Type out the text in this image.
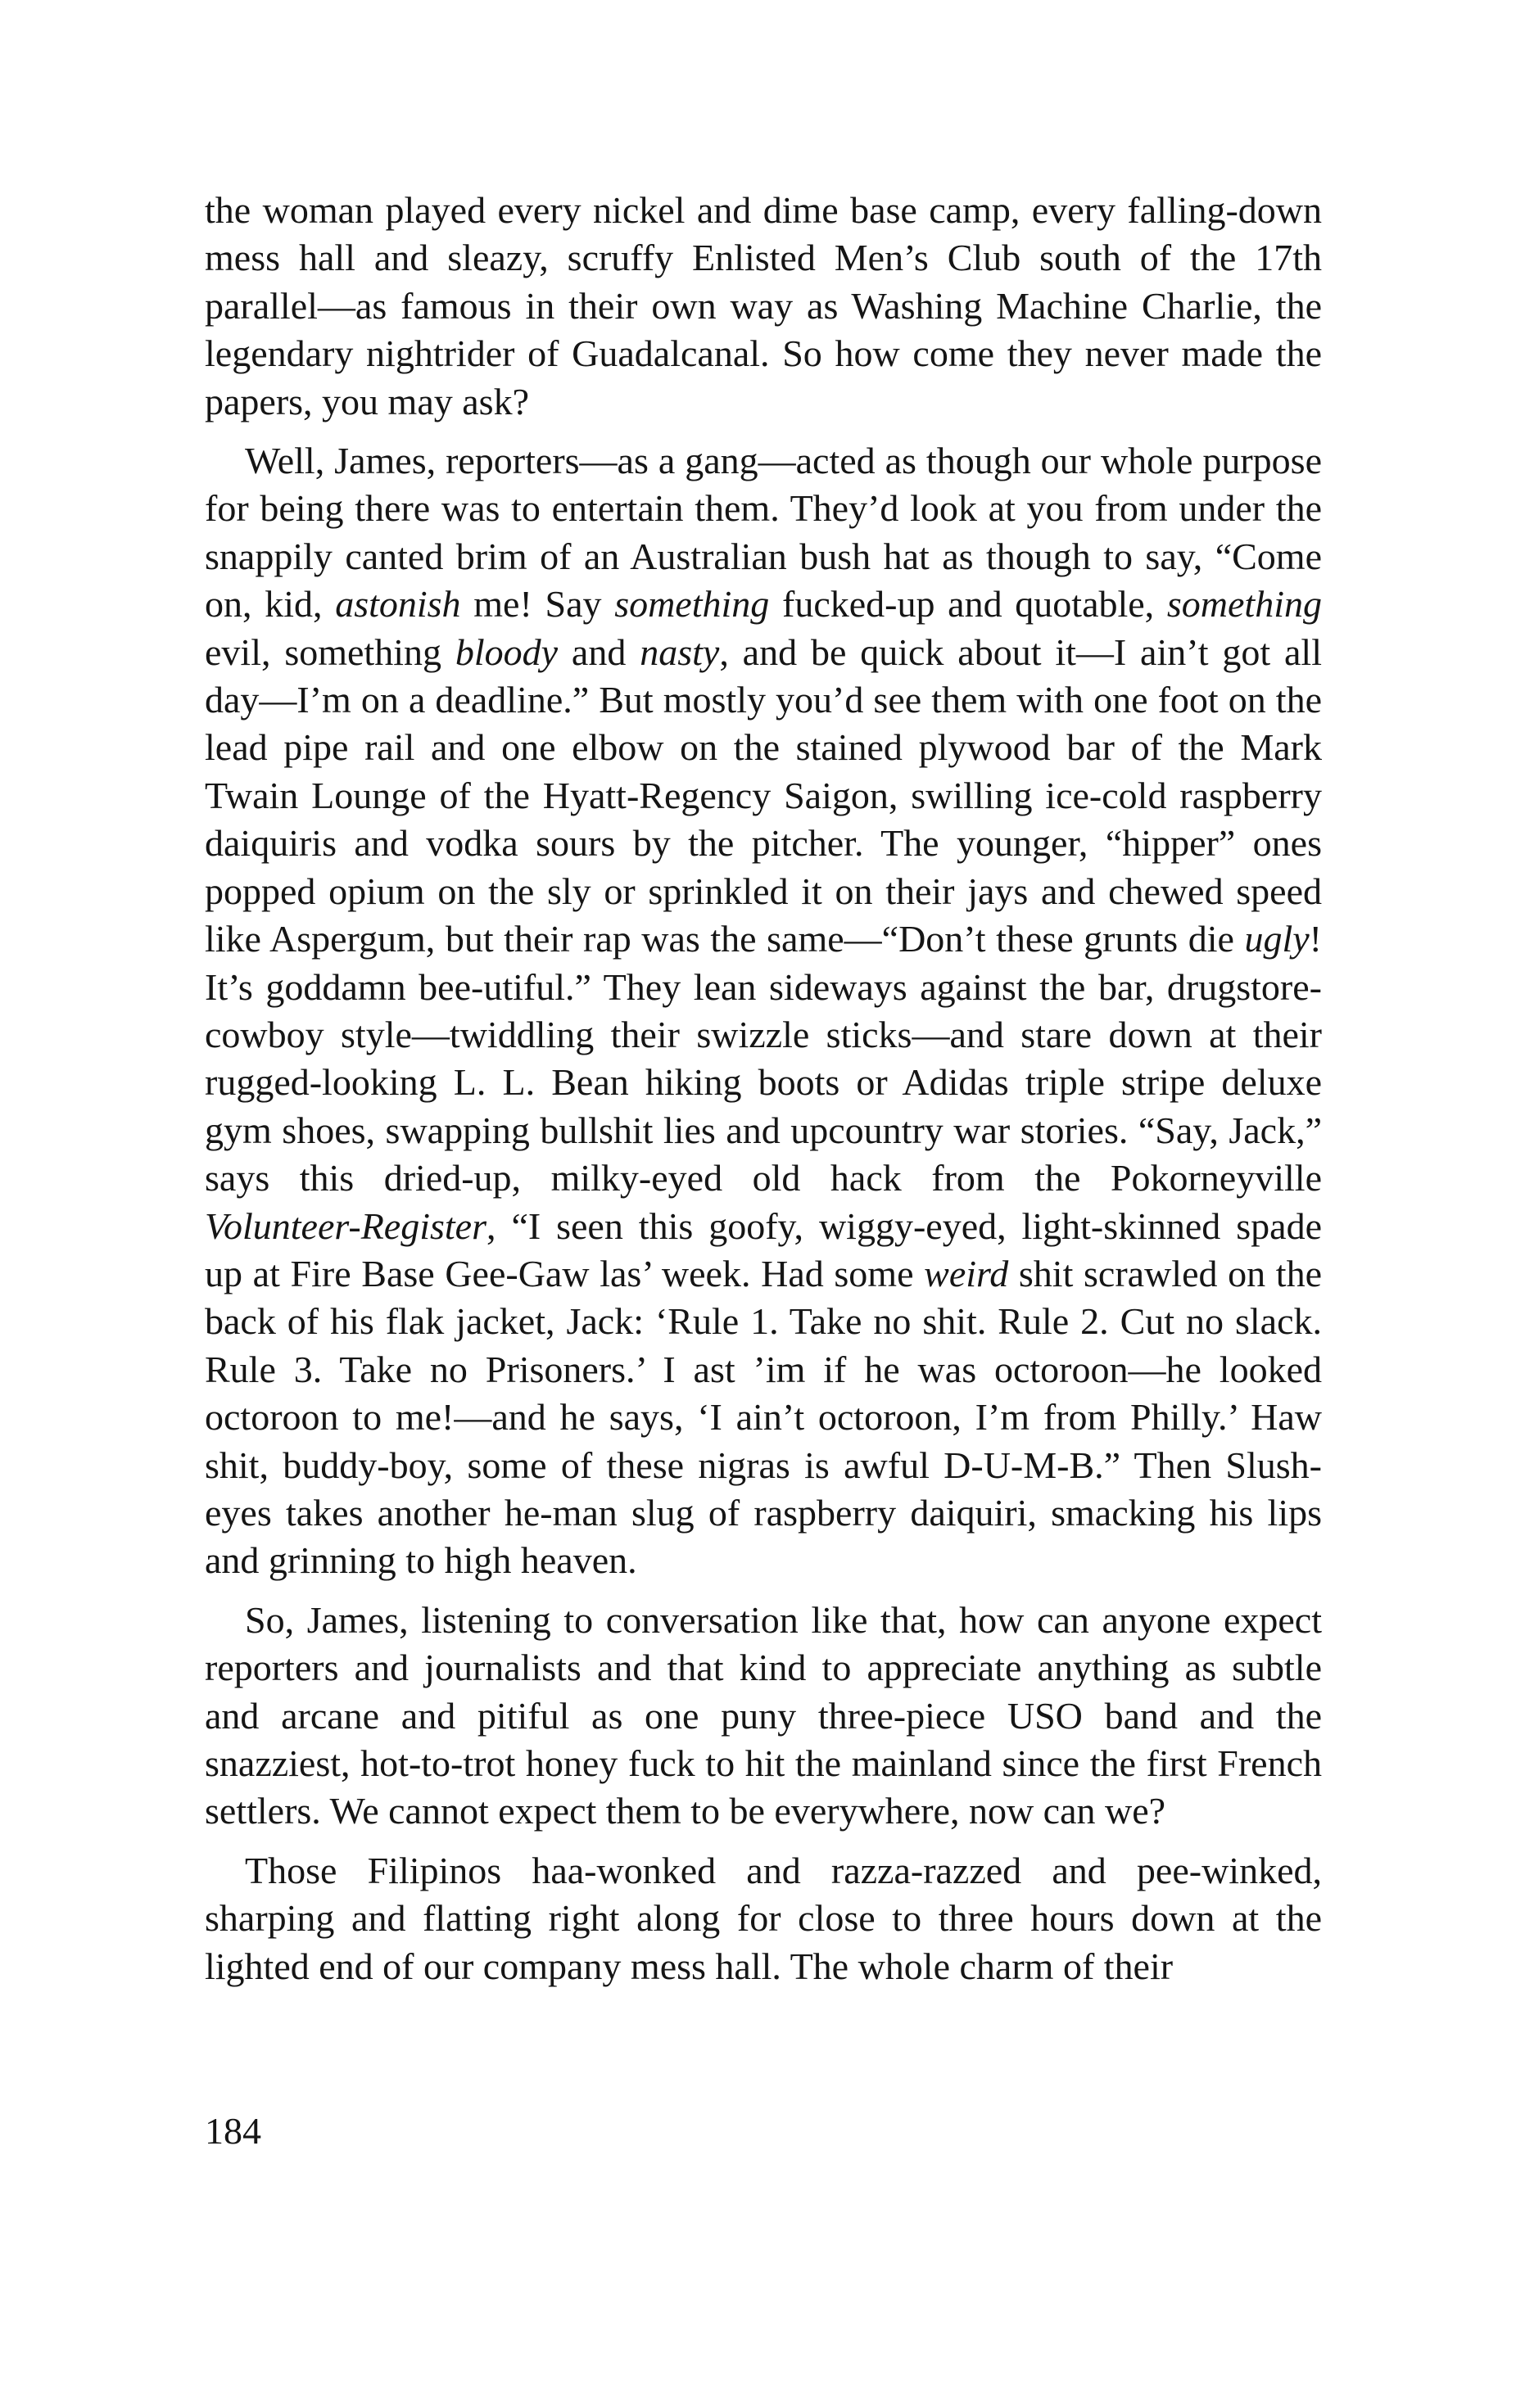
the woman played every nickel and dime base camp, every falling-down mess hall and sleazy, scruffy Enlisted Men’s Club south of the 17th parallel—as famous in their own way as Washing Machine Charlie, the legendary nightrider of Guadalcanal. So how come they never made the papers, you may ask?

Well, James, reporters—as a gang—acted as though our whole purpose for being there was to entertain them. They’d look at you from under the snappily canted brim of an Australian bush hat as though to say, “Come on, kid, astonish me! Say something fucked-up and quotable, something evil, something bloody and nasty, and be quick about it—I ain’t got all day—I’m on a deadline.” But mostly you’d see them with one foot on the lead pipe rail and one elbow on the stained plywood bar of the Mark Twain Lounge of the Hyatt-Regency Saigon, swilling ice-cold raspberry daiquiris and vodka sours by the pitcher. The younger, “hipper” ones popped opium on the sly or sprinkled it on their jays and chewed speed like Aspergum, but their rap was the same—“Don’t these grunts die ugly! It’s goddamn bee-utiful.” They lean sideways against the bar, drugstore-cowboy style—twiddling their swizzle sticks—and stare down at their rugged-looking L. L. Bean hiking boots or Adidas triple stripe deluxe gym shoes, swapping bullshit lies and upcountry war stories. “Say, Jack,” says this dried-up, milky-eyed old hack from the Pokorneyville Volunteer-Register, “I seen this goofy, wiggy-eyed, light-skinned spade up at Fire Base Gee-Gaw las’ week. Had some weird shit scrawled on the back of his flak jacket, Jack: ‘Rule 1. Take no shit. Rule 2. Cut no slack. Rule 3. Take no Prisoners.’ I ast ’im if he was octoroon—he looked octoroon to me!—and he says, ‘I ain’t octoroon, I’m from Philly.’ Haw shit, buddy-boy, some of these nigras is awful D-U-M-B.” Then Slush-eyes takes another he-man slug of raspberry daiquiri, smacking his lips and grinning to high heaven.

So, James, listening to conversation like that, how can anyone expect reporters and journalists and that kind to appreciate anything as subtle and arcane and pitiful as one puny three-piece USO band and the snazziest, hot-to-trot honey fuck to hit the mainland since the first French settlers. We cannot expect them to be everywhere, now can we?

Those Filipinos haa-wonked and razza-razzed and pee-winked, sharping and flatting right along for close to three hours down at the lighted end of our company mess hall. The whole charm of their

184
